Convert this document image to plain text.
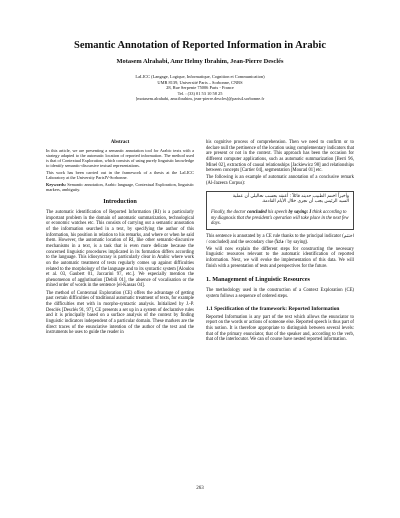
Semantic Annotation of Reported Information in Arabic
Motasem Alrahabi, Amr Helmy Ibrahim, Jean-Pierre Desclés
LaLICC (Langage, Logique, Informatique, Cognition et Communication)
UMR 8139, Université Paris – Sorbonne, CNRS
28, Rue Serpente 75006 Paris - France
Tel. : (33) 01 53 10 58 25
[motasem.alrahabi, amr.ibrahim, jean-pierre.descles]@paris4.sorbonne.fr
Abstract

In this article, we are presenting a semantic annotation tool for Arabic texts with a strategy adapted to the automatic location of reported information. The method used is that of Contextual Exploration, which consists of using purely linguistic knowledge to identify semantic-discursive textual representations.

This work has been carried out in the framework of a thesis at the LaLICC Laboratory at the University ParisIV-Sorbonne.

Keywords: Semantic annotation, Arabic language, Contextual Exploration, linguistic markers, ambiguity.

Introduction

The automatic identification of Reported Information (RI) is a particularly important problem in the domain of automatic summarization, technological or economic watches etc. This consists of carrying out a semantic annotation of the information searched in a text, by specifying the author of this information, his position in relation to his remarks, and where or when he said them. However, the automatic location of RI, like other semantic-discursive mechanisms in a text, is a task that is even more delicate because the concerned linguistic procedures implicated in its formation differs according to the language. This idiosyncrasy is particularly clear in Arabic where work on the automatic treatment of texts regularly comes up against difficulties related to the morphology of the language and to its syntactic system [Aloulou et al. 03, Gaubert 01, Jaccarini 97, etc.]. We especially mention the phenomenon of agglutination [Debili 01], the absence of vocalisation or the mixed order of words in the sentence [el-Kassas 04].

The method of Contextual Exploration (CE) offers the advantage of getting past certain difficulties of traditional automatic treatment of texts, for example the difficulties met with in morpho-syntactic analysis. Initialized by J.-P. Desclés [Desclés 91, 97], CE presents a set up in a system of declarative rules and it is principally based on a surface analysis of the context by finding linguistic indicators independent of a particular domain. These markers are the direct traces of the enunciative intention of the author of the text and the instruments he uses to guide the reader in

his cognitive process of comprehension. Then we need to confirm or to declare null the pertinence of the location using complementary indicators that are present or not in the context. This approach has been the occasion for different computer applications, such as automatic summarization [Berri 96, Minel 02], extraction of causal relationships [Jackiewicz 98] and relationships between concepts [Cartier 04], segmentation [Mourad 01] etc.

The following is an example of automatic annotation of a conclusive remark (Al-Jazeera Corpus):

وأخيراً اختتم الطبيب حديثه قائلاً : أعتقد بحسب تحاليلي أن عملية
السيد الرئيس يجب أن تجرى خلال الأيام القادمة.
Finally, the doctor concluded his speech by saying: I think according to my diagnosis that the president's operation will take place in the next few days.

This sentence is annotated by a CE rule thanks to the principal indicator (اختتم / concluded) and the secondary clue (قائلاً / by saying).

We will now explain the different steps for constructing the necessary linguistic resources relevant to the automatic identification of reported information. Next, we will evoke the implementation of this data. We will finish with a presentation of tests and perspectives for the future.

1. Management of Linguistic Resources

The methodology used in the construction of a Context Exploration (CE) system follows a sequence of ordered steps.

1.1 Specification of the framework: Reported Information

Reported Information is any part of the text which allows the enunciator to report on the words or actions of someone else. Reported speech is thus part of this notion. It is therefore appropriate to distinguish between several levels: that of the primary enunciator, that of the speaker and, according to the verb, that of the interlocutor. We can of course have nested reported information.

263
